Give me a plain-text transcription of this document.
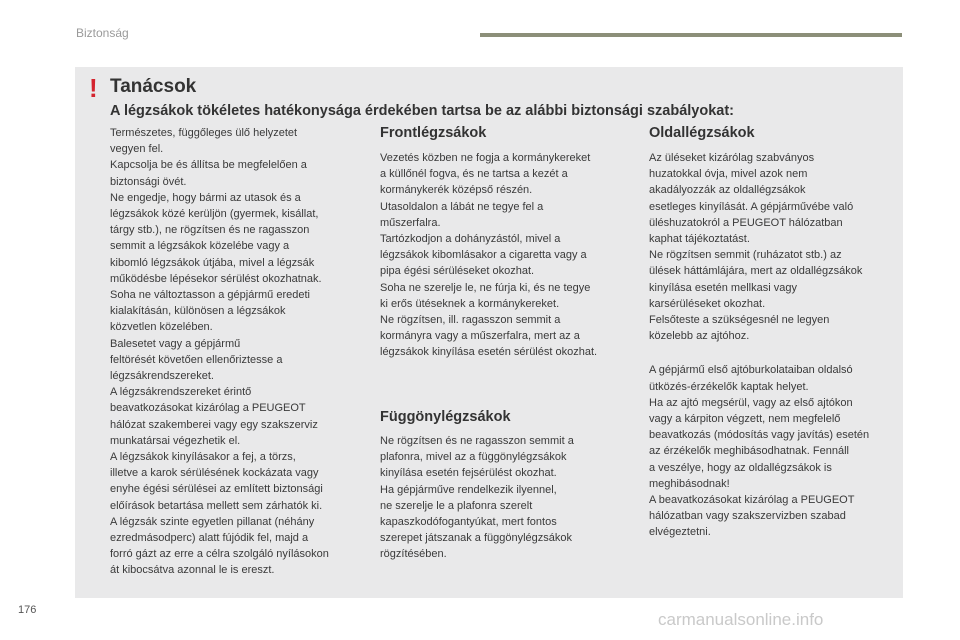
Biztonság
! Tanácsok
A légzsákok tökéletes hatékonysága érdekében tartsa be az alábbi biztonsági szabályokat:

Természetes, függőleges ülő helyzetet
vegyen fel.
Kapcsolja be és állítsa be megfelelően a
biztonsági övét.
Ne engedje, hogy bármi az utasok és a
légzsákok közé kerüljön (gyermek, kisállat,
tárgy stb.), ne rögzítsen és ne ragasszon
semmit a légzsákok közelébe vagy a
kibomló légzsákok útjába, mivel a légzsák
működésbe lépésekor sérülést okozhatnak.
Soha ne változtasson a gépjármű eredeti
kialakításán, különösen a légzsákok
közvetlen közelében.
Balesetet vagy a gépjármű
feltörését követően ellenőriztesse a
légzsákrendszereket.
A légzsákrendszereket érintő
beavatkozásokat kizárólag a PEUGEOT
hálózat szakemberei vagy egy szakszerviz
munkatársai végezhetik el.
A légzsákok kinyílásakor a fej, a törzs,
illetve a karok sérülésének kockázata vagy
enyhe égési sérülései az említett biztonsági
előírások betartása mellett sem zárhatók ki.
A légzsák szinte egyetlen pillanat (néhány
ezredmásodperc) alatt fújódik fel, majd a
forró gázt az erre a célra szolgáló nyílásokon
át kibocsátva azonnal le is ereszt.

Frontlégzsákok

Vezetés közben ne fogja a kormánykereket
a küllőnél fogva, és ne tartsa a kezét a
kormánykerék középső részén.
Utasoldalon a lábát ne tegye fel a
műszerfalra.
Tartózkodjon a dohányzástól, mivel a
légzsákok kibomlásakor a cigaretta vagy a
pipa égési sérüléseket okozhat.
Soha ne szerelje le, ne fúrja ki, és ne tegye
ki erős ütéseknek a kormánykereket.
Ne rögzítsen, ill. ragasszon semmit a
kormányra vagy a műszerfalra, mert az a
légzsákok kinyílása esetén sérülést okozhat.

Függönylégzsákok

Ne rögzítsen és ne ragasszon semmit a
plafonra, mivel az a függönylégzsákok
kinyílása esetén fejsérülést okozhat.
Ha gépjárműve rendelkezik ilyennel,
ne szerelje le a plafonra szerelt
kapaszkodófogantyúkat, mert fontos
szerepet játszanak a függönylégzsákok
rögzítésében.

Oldallégzsákok

Az üléseket kizárólag szabványos
huzatokkal óvja, mivel azok nem
akadályozzák az oldallégzsákok
esetleges kinyílását. A gépjárművébe való
üléshuzatokról a PEUGEOT hálózatban
kaphat tájékoztatást.
Ne rögzítsen semmit (ruházatot stb.) az
ülések háttámlájára, mert az oldallégzsákok
kinyílása esetén mellkasi vagy
karsérüléseket okozhat.
Felsőteste a szükségesnél ne legyen
közelebb az ajtóhoz.

A gépjármű első ajtóburkolataiban oldalsó
ütközés-érzékelők kaptak helyet.
Ha az ajtó megsérül, vagy az első ajtókon
vagy a kárpiton végzett, nem megfelelő
beavatkozás (módosítás vagy javítás) esetén
az érzékelők meghibásodhatnak. Fennáll
a veszélye, hogy az oldallégzsákok is
meghibásodnak!
A beavatkozásokat kizárólag a PEUGEOT
hálózatban vagy szakszervizben szabad
elvégeztetni.

176	carmanualsonline.info
